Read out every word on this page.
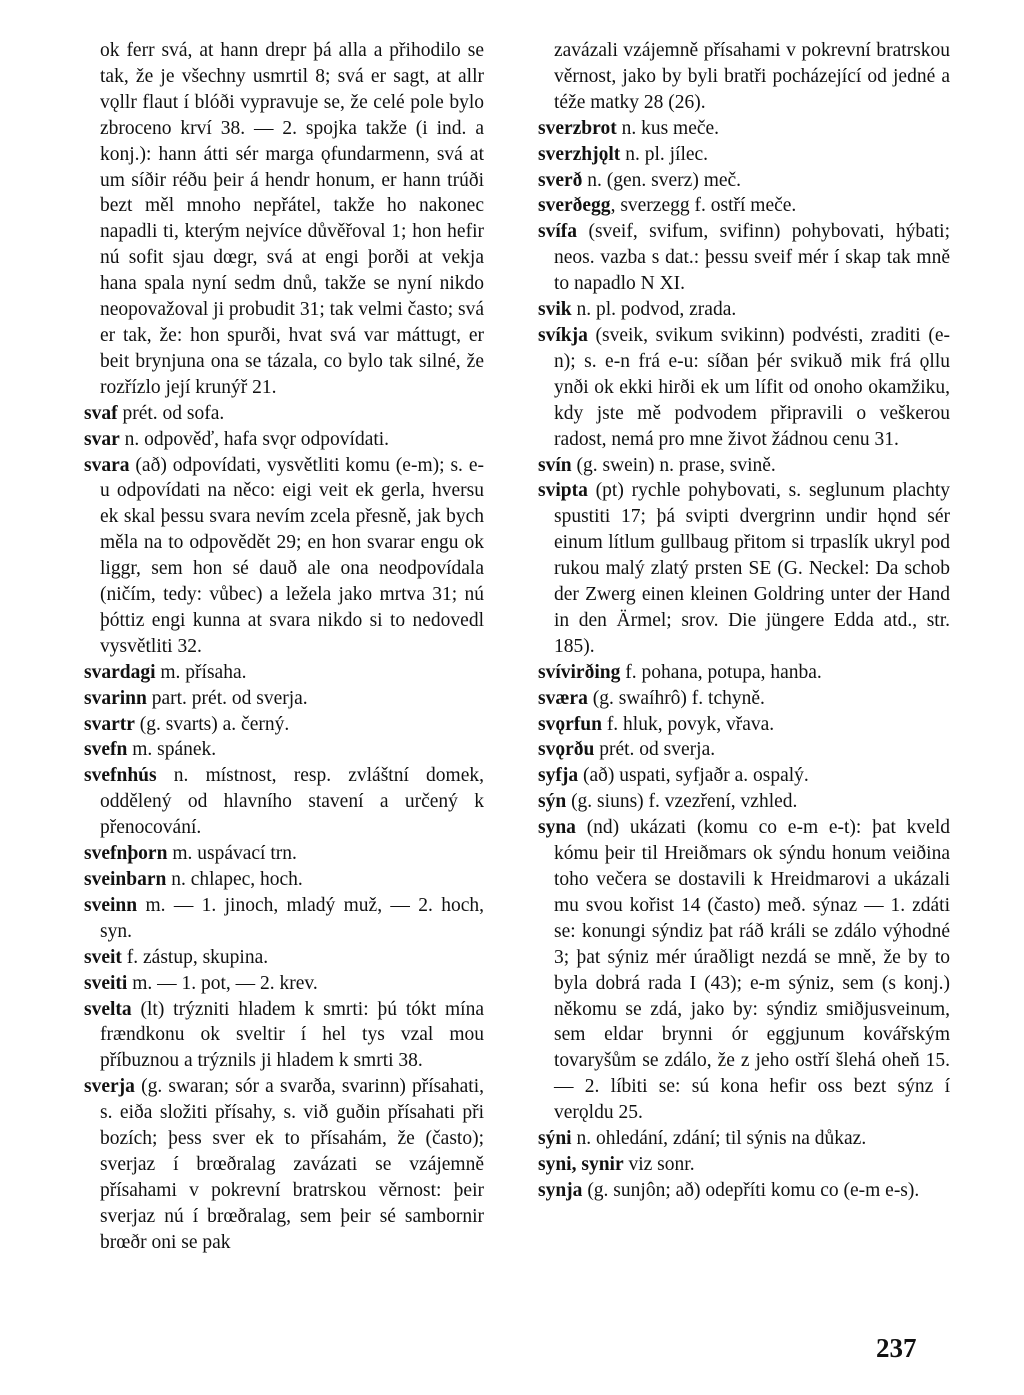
ok ferr svá, at hann drepr þá alla a přihodilo se tak, že je všechny usmrtil 8; svá er sagt, at allr vǫllr flaut í blóði vypravuje se, že celé pole bylo zbroceno krví 38. — 2. spojka takže (i ind. a konj.): hann átti sér marga ǫfundarmenn, svá at um síðir réðu þeir á hendr honum, er hann trúði bezt měl mnoho nepřátel, takže ho nakonec napadli ti, kterým nejvíce důvěřoval 1; hon hefir nú sofit sjau dœgr, svá at engi þorði at vekja hana spala nyní sedm dnů, takže se nyní nikdo neopovažoval ji probudit 31; tak velmi často; svá er tak, že: hon spurði, hvat svá var máttugt, er beit brynjuna ona se tázala, co bylo tak silné, že rozřízlo její krunýř 21.

svaf prét. od sofa.

svar n. odpověď, hafa svǫr odpovídati.

svara (að) odpovídati, vysvětliti komu (e-m); s. e-u odpovídati na něco: eigi veit ek gerla, hversu ek skal þessu svara nevím zcela přesně, jak bych měla na to odpovědět 29; en hon svarar engu ok liggr, sem hon sé dauð ale ona neodpovídala (ničím, tedy: vůbec) a ležela jako mrtva 31; nú þóttiz engi kunna at svara nikdo si to nedovedl vysvětliti 32.

svardagi m. přísaha.

svarinn part. prét. od sverja.

svartr (g. svarts) a. černý.

svefn m. spánek.

svefnhús n. místnost, resp. zvláštní domek, oddělený od hlavního stavení a určený k přenocování.

svefnþorn m. uspávací trn.

sveinbarn n. chlapec, hoch.

sveinn m. — 1. jinoch, mladý muž, — 2. hoch, syn.

sveit f. zástup, skupina.

sveiti m. — 1. pot, — 2. krev.

svelta (lt) trýzniti hladem k smrti: þú tókt mína frændkonu ok sveltir í hel tys vzal mou příbuznou a trýznils ji hladem k smrti 38.

sverja (g. swaran; sór a svarða, svarinn) přísahati, s. eiða složiti přísahy, s. við guðin přísahati při bozích; þess sver ek to přísahám, že (často); sverjaz í brœðralag zavázati se vzájemně přísahami v pokrevní bratrskou věrnost: þeir sverjaz nú í brœðralag, sem þeir sé sambornir brœðr oni se pak

zavázali vzájemně přísahami v pokrevní bratrskou věrnost, jako by byli bratři pocházející od jedné a téže matky 28 (26).

sverzbrot n. kus meče.

sverzhjǫlt n. pl. jílec.

sverð n. (gen. sverz) meč.

sverðegg, sverzegg f. ostří meče.

svífa (sveif, svifum, svifinn) pohybovati, hýbati; neos. vazba s dat.: þessu sveif mér í skap tak mně to napadlo N XI.

svik n. pl. podvod, zrada.

svíkja (sveik, svikum svikinn) podvésti, zraditi (e-n); s. e-n frá e-u: síðan þér svikuð mik frá ǫllu ynði ok ekki hirði ek um lífit od onoho okamžiku, kdy jste mě podvodem připravili o veškerou radost, nemá pro mne život žádnou cenu 31.

svín (g. swein) n. prase, svině.

svipta (pt) rychle pohybovati, s. seglunum plachty spustiti 17; þá svipti dvergrinn undir hǫnd sér einum lítlum gullbaug přitom si trpaslík ukryl pod rukou malý zlatý prsten SE (G. Neckel: Da schob der Zwerg einen kleinen Goldring unter der Hand in den Ärmel; srov. Die jüngere Edda atd., str. 185).

svívirðing f. pohana, potupa, hanba.

sværa (g. swaíhrô) f. tchyně.

svǫrfun f. hluk, povyk, vřava.

svǫrðu prét. od sverja.

syfja (að) uspati, syfjaðr a. ospalý.

sýn (g. siuns) f. vzezření, vzhled.

syna (nd) ukázati (komu co e-m e-t): þat kveld kómu þeir til Hreiðmars ok sýndu honum veiðina toho večera se dostavili k Hreidmarovi a ukázali mu svou kořist 14 (často) með. sýnaz — 1. zdáti se: konungi sýndiz þat ráð králi se zdálo výhodné 3; þat sýniz mér úraðligt nezdá se mně, že by to byla dobrá rada I (43); e-m sýniz, sem (s konj.) někomu se zdá, jako by: sýndiz smiðjusveinum, sem eldar brynni ór eggjunum kovářským tovaryšům se zdálo, že z jeho ostří šlehá oheň 15. — 2. líbiti se: sú kona hefir oss bezt sýnz í verǫldu 25.

sýni n. ohledání, zdání; til sýnis na důkaz.

syni, synir viz sonr.

synja (g. sunjôn; að) odepříti komu co (e-m e-s).

237
